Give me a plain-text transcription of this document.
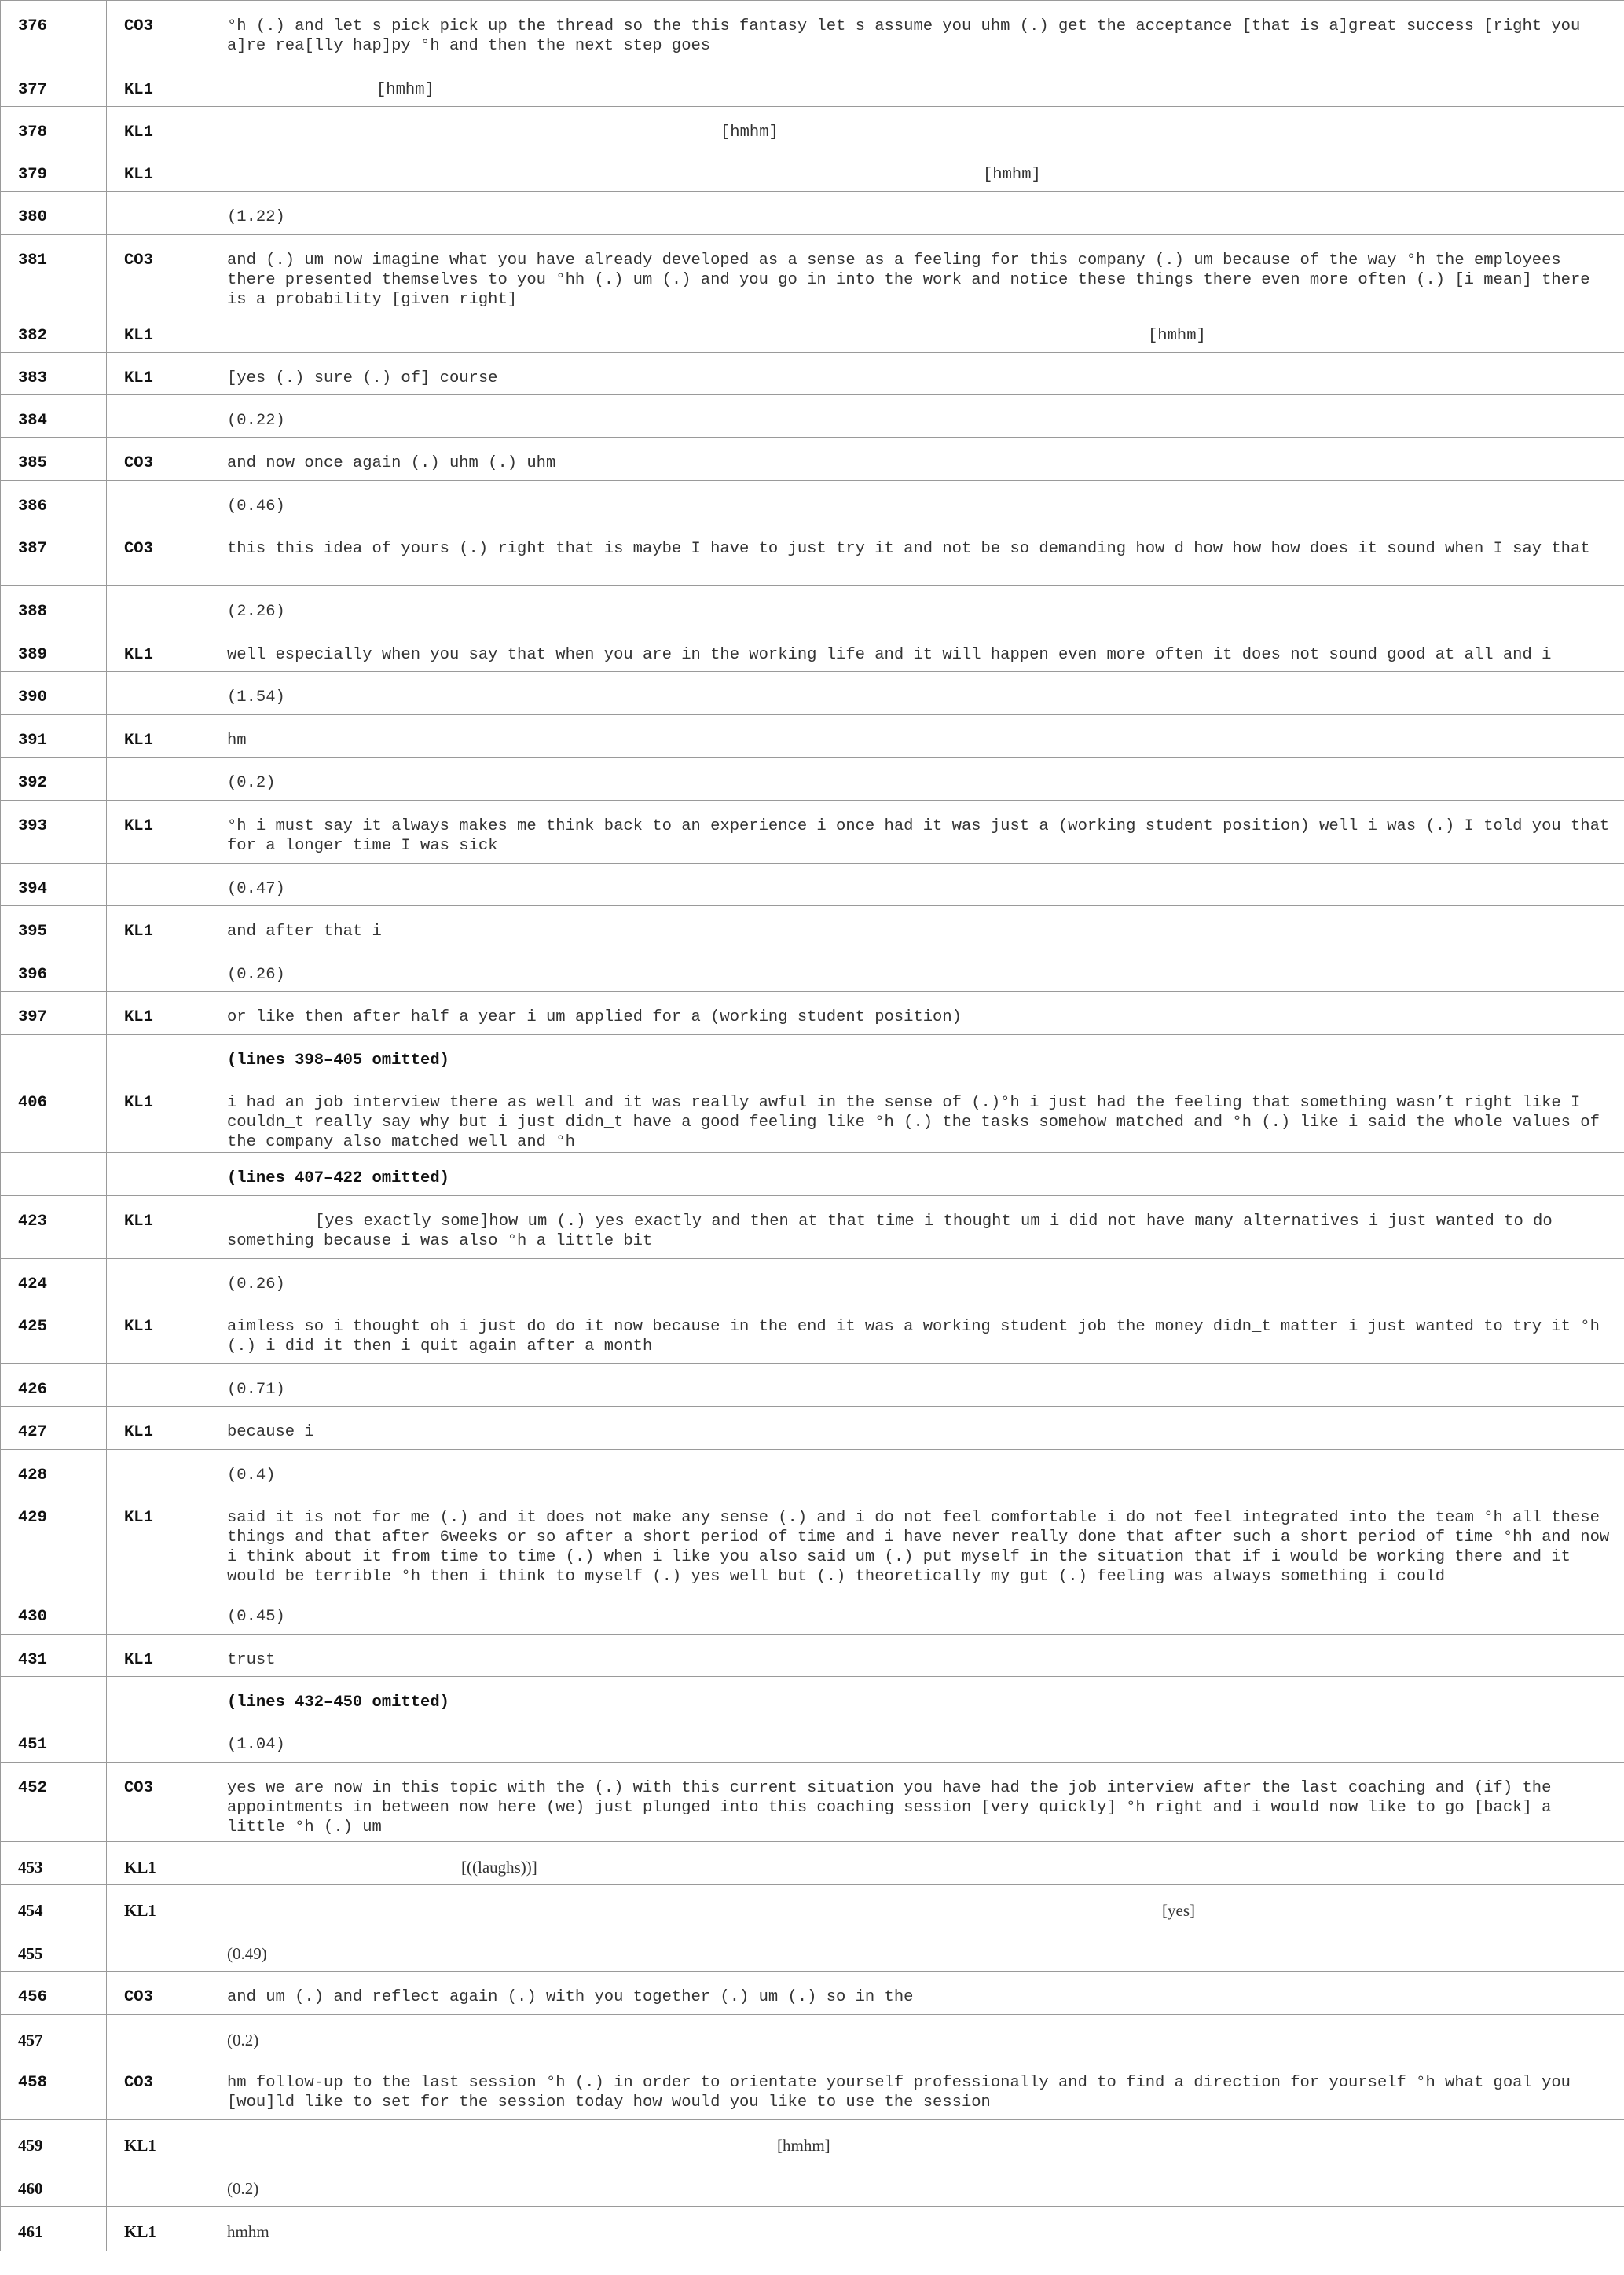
376	CO3	°h (.) and let_s pick pick up the thread so the this fantasy let_s assume you uhm (.) get the acceptance [that is a]great success [right you a]re rea[lly hap]py °h and then the next step goes
377	KL1	[hmhm]
378	KL1	[hmhm]
379	KL1	[hmhm]
380		(1.22)
381	CO3	and (.) um now imagine what you have already developed as a sense as a feeling for this company (.) um because of the way °h the employees there presented themselves to you °hh (.) um (.) and you go in into the work and notice these things there even more often (.) [i mean] there is a probability [given right]
382	KL1	[hmhm]
383	KL1	[yes (.) sure (.) of] course
384		(0.22)
385	CO3	and now once again (.) uhm (.) uhm
386		(0.46)
387	CO3	this this idea of yours (.) right that is maybe I have to just try it and not be so demanding how d how how how does it sound when I say that
388		(2.26)
389	KL1	well especially when you say that when you are in the working life and it will happen even more often it does not sound good at all and i
390		(1.54)
391	KL1	hm
392		(0.2)
393	KL1	°h i must say it always makes me think back to an experience i once had it was just a (working student position) well i was (.) I told you that for a longer time I was sick
394		(0.47)
395	KL1	and after that i
396		(0.26)
397	KL1	or like then after half a year i um applied for a (working student position)
		(lines 398–405 omitted)
406	KL1	i had an job interview there as well and it was really awful in the sense of (.)°h i just had the feeling that something wasn’t right like I couldn_t really say why but i just didn_t have a good feeling like °h (.) the tasks somehow matched and °h (.) like i said the whole values of the company also matched well and °h
		(lines 407–422 omitted)
423	KL1	[yes exactly some]how um (.) yes exactly and then at that time i thought um i did not have many alternatives i just wanted to do something because i was also °h a little bit
424		(0.26)
425	KL1	aimless so i thought oh i just do do it now because in the end it was a working student job the money didn_t matter i just wanted to try it °h (.) i did it then i quit again after a month
426		(0.71)
427	KL1	because i
428		(0.4)
429	KL1	said it is not for me (.) and it does not make any sense (.) and i do not feel comfortable i do not feel integrated into the team °h all these things and that after 6weeks or so after a short period of time and i have never really done that after such a short period of time °hh and now i think about it from time to time (.) when i like you also said um (.) put myself in the situation that if i would be working there and it would be terrible °h then i think to myself (.) yes well but (.) theoretically my gut (.) feeling was always something i could
430		(0.45)
431	KL1	trust
		(lines 432–450 omitted)
451		(1.04)
452	CO3	yes we are now in this topic with the (.) with this current situation you have had the job interview after the last coaching and (if) the appointments in between now here (we) just plunged into this coaching session [very quickly] °h right and i would now like to go [back] a little °h (.) um
453	KL1	[((laughs))]
454	KL1	[yes]
455		(0.49)
456	CO3	and um (.) and reflect again (.) with you together (.) um (.) so in the
457		(0.2)
458	CO3	hm follow-up to the last session °h (.) in order to orientate yourself professionally and to find a direction for yourself °h what goal you [wou]ld like to set for the session today how would you like to use the session
459	KL1	[hmhm]
460		(0.2)
461	KL1	hmhm
